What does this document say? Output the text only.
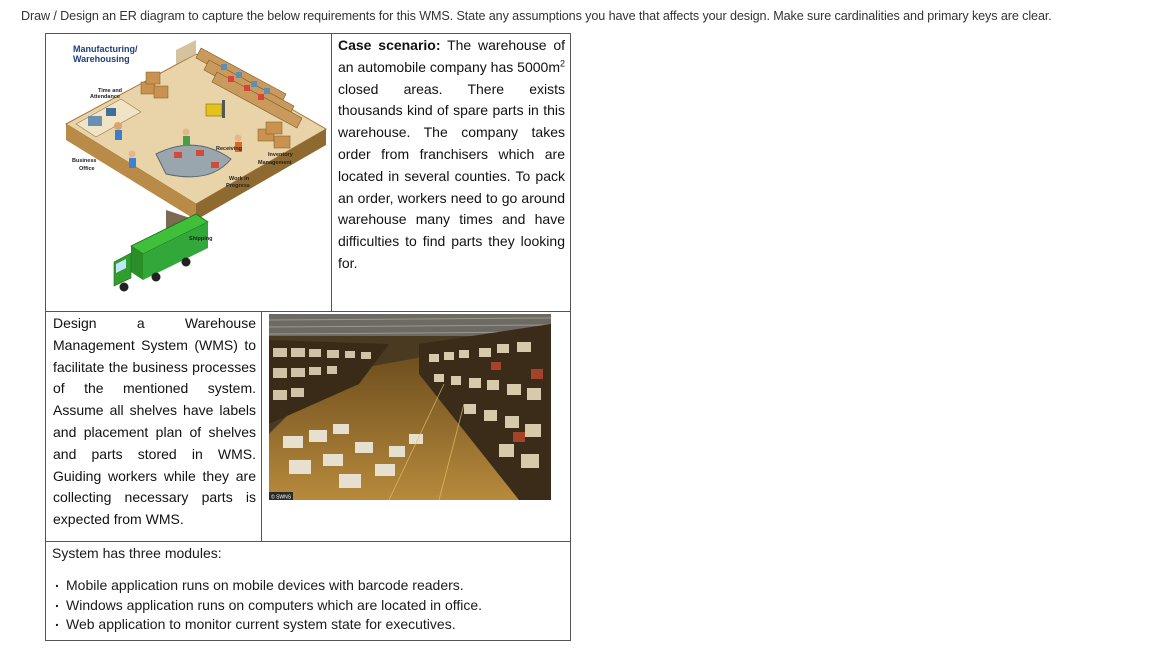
Draw / Design an ER diagram to capture the below requirements for this WMS. State any assumptions you have that affects your design. Make sure cardinalities and primary keys are clear.
Manufacturing/
Warehousing
Time and
Attendance
Business
Office
Receiving
Inventory
Management
Work in
Progress
Shipping
Case scenario: The warehouse of an automobile company has $5000m^2$ closed areas. There exists thousands kind of spare parts in this warehouse. The company takes order from franchisers which are located in several counties. To pack an order, workers need to go around warehouse many times and have difficulties to find parts they looking for.
Design a Warehouse Management System (WMS) to facilitate the business processes of the mentioned system. Assume all shelves have labels and placement plan of shelves and parts stored in WMS. Guiding workers while they are collecting necessary parts is expected from WMS.
© SWNS
System has three modules:
. Mobile application runs on mobile devices with barcode readers.
. Windows application runs on computers which are located in office.
. Web application to monitor current system state for executives.
